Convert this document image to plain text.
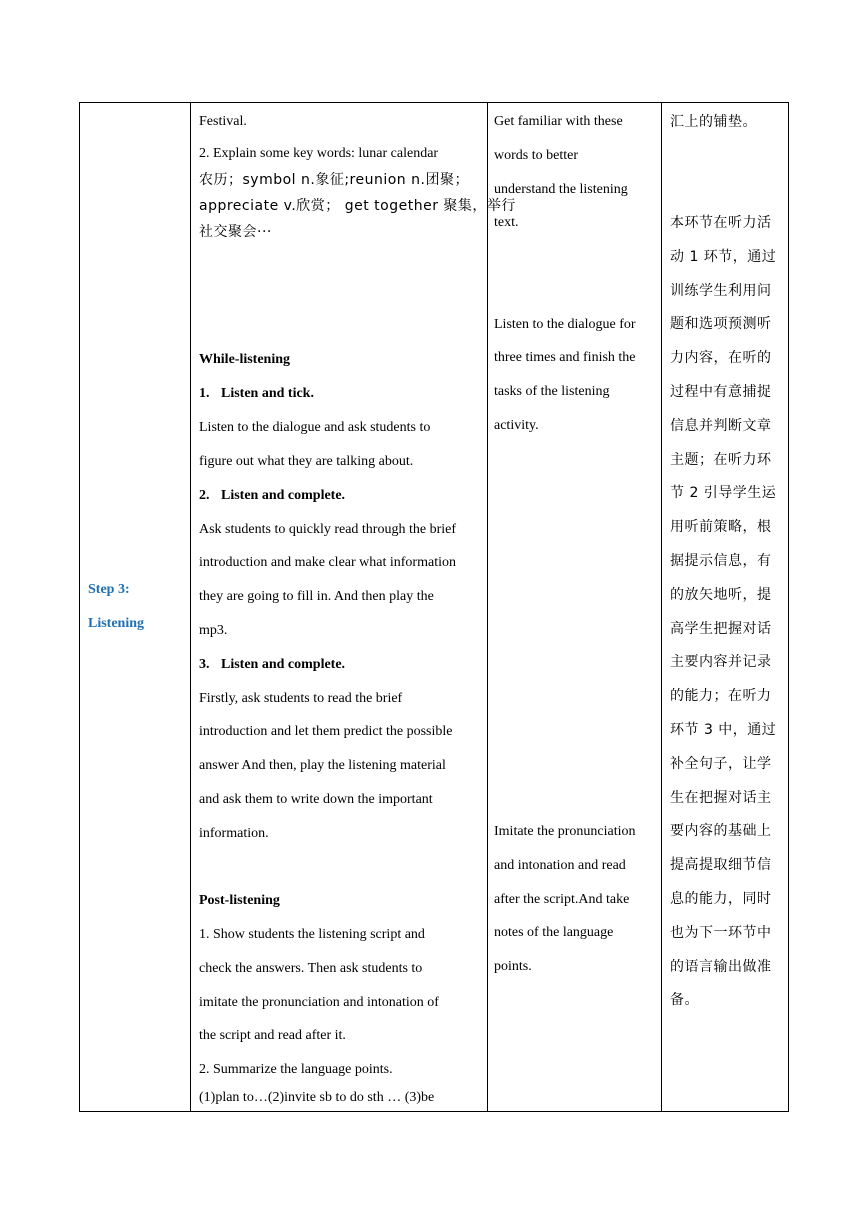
Step 3:
Listening

Festival.
2. Explain some key words: lunar calendar
农历；symbol n.象征;reunion n.团聚；
appreciate v.欣赏； get together 聚集，举行
社交聚会···
While-listening
1. Listen and tick.
Listen to the dialogue and ask students to
figure out what they are talking about.
2. Listen and complete.
Ask students to quickly read through the brief
introduction and make clear what information
they are going to fill in. And then play the
mp3.
3. Listen and complete.
Firstly, ask students to read the brief
introduction and let them predict the possible
answer And then, play the listening material
and ask them to write down the important
information.
Post-listening
1. Show students the listening script and
check the answers. Then ask students to
imitate the pronunciation and intonation of
the script and read after it.
2. Summarize the language points.
(1)plan to…(2)invite sb to do sth … (3)be

Get familiar with these
words to better
understand the listening
text.
Listen to the dialogue for
three times and finish the
tasks of the listening
activity.
Imitate the pronunciation
and intonation and read
after the script.And take
notes of the language
points.

汇上的铺垫。
本环节在听力活
动 1 环节，通过
训练学生利用问
题和选项预测听
力内容，在听的
过程中有意捕捉
信息并判断文章
主题；在听力环
节 2 引导学生运
用听前策略，根
据提示信息，有
的放矢地听，提
高学生把握对话
主要内容并记录
的能力；在听力
环节 3 中，通过
补全句子，让学
生在把握对话主
要内容的基础上
提高提取细节信
息的能力，同时
也为下一环节中
的语言输出做准
备。
